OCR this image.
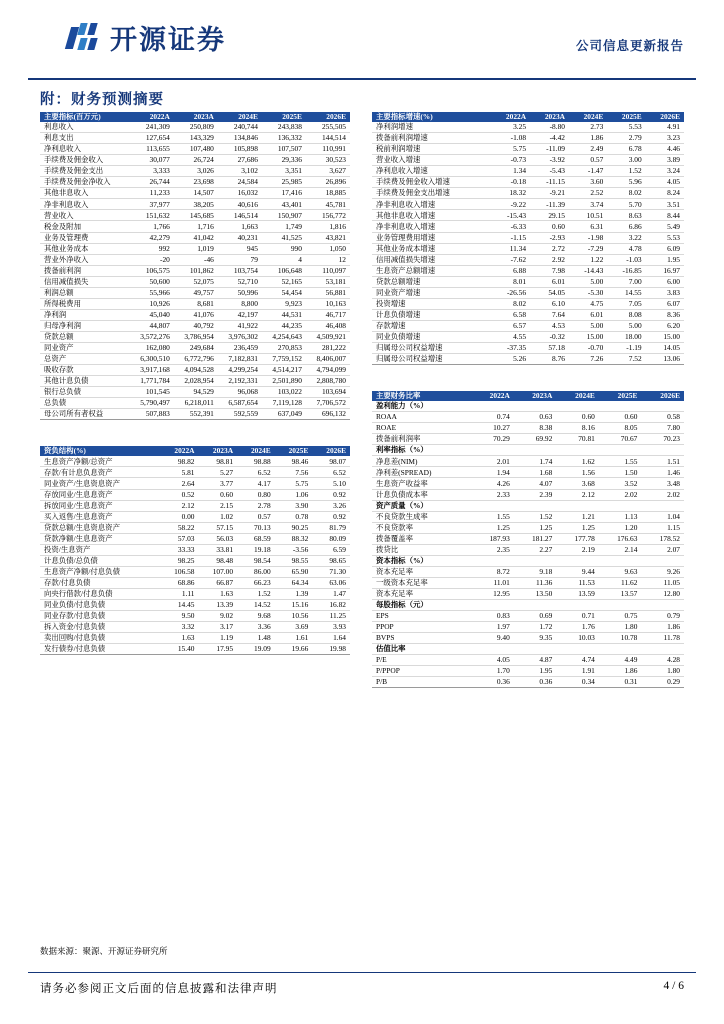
开源证券	公司信息更新报告
附：财务预测摘要
主要指标(百万元)	2022A	2023A	2024E	2025E	2026E
利息收入	241,309	250,809	240,744	243,838	255,505
利息支出	127,654	143,329	134,846	136,332	144,514
净利息收入	113,655	107,480	105,898	107,507	110,991
手续费及佣金收入	30,077	26,724	27,686	29,336	30,523
手续费及佣金支出	3,333	3,026	3,102	3,351	3,627
手续费及佣金净收入	26,744	23,698	24,584	25,985	26,896
其他非息收入	11,233	14,507	16,032	17,416	18,885
净非利息收入	37,977	38,205	40,616	43,401	45,781
营业收入	151,632	145,685	146,514	150,907	156,772
税金及附加	1,766	1,716	1,663	1,749	1,816
业务及管理费	42,279	41,042	40,231	41,525	43,821
其他业务成本	992	1,019	945	990	1,050
营业外净收入	-20	-46	79	4	12
拨备前利润	106,575	101,862	103,754	106,648	110,097
信用减值损失	50,600	52,075	52,710	52,165	53,181
利润总额	55,966	49,757	50,996	54,454	56,881
所得税费用	10,926	8,681	8,800	9,923	10,163
净利润	45,040	41,076	42,197	44,531	46,717
归母净利润	44,807	40,792	41,922	44,235	46,408
贷款总额	3,572,276	3,786,954	3,976,302	4,254,643	4,509,921
同业资产	162,080	249,684	236,459	270,853	281,222
总资产	6,300,510	6,772,796	7,182,831	7,759,152	8,406,007
吸收存款	3,917,168	4,094,528	4,299,254	4,514,217	4,794,099
其他计息负债	1,771,784	2,028,954	2,192,331	2,501,890	2,808,780
银行总负债	101,545	94,529	96,068	103,022	103,694
总负债	5,790,497	6,218,011	6,587,654	7,119,128	7,706,572
母公司所有者权益	507,883	552,391	592,559	637,049	696,132
资负结构(%)	2022A	2023A	2024E	2025E	2026E
生息资产净额/总资产	98.82	98.81	98.88	98.46	98.07
存款/有计息负息资产	5.81	5.27	6.52	7.56	6.52
同业资产/生息资息资产	2.64	3.77	4.17	5.75	5.10
存放同业/生息息资产	0.52	0.60	0.80	1.06	0.92
拆放同业/生息息资产	2.12	2.15	2.78	3.90	3.26
买入返售/生息息资产	0.00	1.02	0.57	0.78	0.92
贷款总额/生息资息资产	58.22	57.15	70.13	90.25	81.79
贷款净额/生息息资产	57.03	56.03	68.59	88.32	80.09
投资/生息资产	33.33	33.81	19.18	-3.56	6.59
计息负债/总负债	98.25	98.48	98.54	98.55	98.65
生息资产净额/付息负债	106.58	107.00	86.00	65.90	71.30
存款/付息负债	68.86	66.87	66.23	64.34	63.06
向央行借款/付息负债	1.11	1.63	1.52	1.39	1.47
同业负债/付息负债	14.45	13.39	14.52	15.16	16.82
同业存款/付息负债	9.50	9.02	9.68	10.56	11.25
拆入资金/付息负债	3.32	3.17	3.36	3.69	3.93
卖出回购/付息负债	1.63	1.19	1.48	1.61	1.64
发行债券/付息负债	15.40	17.95	19.09	19.66	19.98
主要指标增速(%)	2022A	2023A	2024E	2025E	2026E
净利润增速	3.25	-8.80	2.73	5.53	4.91
拨备前利润增速	-1.08	-4.42	1.86	2.79	3.23
税前利润增速	5.75	-11.09	2.49	6.78	4.46
营业收入增速	-0.73	-3.92	0.57	3.00	3.89
净利息收入增速	1.34	-5.43	-1.47	1.52	3.24
手续费及佣金收入增速	-0.18	-11.15	3.60	5.96	4.05
手续费及佣金支出增速	18.32	-9.21	2.52	8.02	8.24
净非利息收入增速	-9.22	-11.39	3.74	5.70	3.51
其他非息收入增速	-15.43	29.15	10.51	8.63	8.44
净非利息收入增速	-6.33	0.60	6.31	6.86	5.49
业务管理费用增速	-1.15	-2.93	-1.98	3.22	5.53
其他业务成本增速	11.34	2.72	-7.29	4.78	6.09
信用减值损失增速	-7.62	2.92	1.22	-1.03	1.95
生息资产总额增速	6.88	7.98	-14.43	-16.85	16.97
贷款总额增速	8.01	6.01	5.00	7.00	6.00
同业资产增速	-26.56	54.05	-5.30	14.55	3.83
投资增速	8.02	6.10	4.75	7.05	6.07
计息负债增速	6.58	7.64	6.01	8.08	8.36
存款增速	6.57	4.53	5.00	5.00	6.20
同业负债增速	4.55	-0.32	15.00	18.00	15.00
归属母公司权益增速	-37.35	57.18	-0.70	-1.19	14.05
归属母公司权益增速	5.26	8.76	7.26	7.52	13.06
主要财务比率	2022A	2023A	2024E	2025E	2026E
盈利能力（%）					
ROAA	0.74	0.63	0.60	0.60	0.58
ROAE	10.27	8.38	8.16	8.05	7.80
拨备前利润率	70.29	69.92	70.81	70.67	70.23
利率指标（%）					
净息差(NIM)	2.01	1.74	1.62	1.55	1.51
净利差(SPREAD)	1.94	1.68	1.56	1.50	1.46
生息资产收益率	4.26	4.07	3.68	3.52	3.48
计息负债成本率	2.33	2.39	2.12	2.02	2.02
资产质量（%）					
不良贷款生成率	1.55	1.52	1.21	1.13	1.04
不良贷款率	1.25	1.25	1.25	1.20	1.15
拨备覆盖率	187.93	181.27	177.78	176.63	178.52
拨贷比	2.35	2.27	2.19	2.14	2.07
资本指标（%）					
资本充足率	8.72	9.18	9.44	9.63	9.26
一级资本充足率	11.01	11.36	11.53	11.62	11.05
资本充足率	12.95	13.50	13.59	13.57	12.80
每股指标（元）					
EPS	0.83	0.69	0.71	0.75	0.79
PPOP	1.97	1.72	1.76	1.80	1.86
BVPS	9.40	9.35	10.03	10.78	11.78
估值比率					
P/E	4.05	4.87	4.74	4.49	4.28
P/PPOP	1.70	1.95	1.91	1.86	1.80
P/B	0.36	0.36	0.34	0.31	0.29
数据来源：聚源、开源证券研究所
请务必参阅正文后面的信息披露和法律声明	4 / 6
